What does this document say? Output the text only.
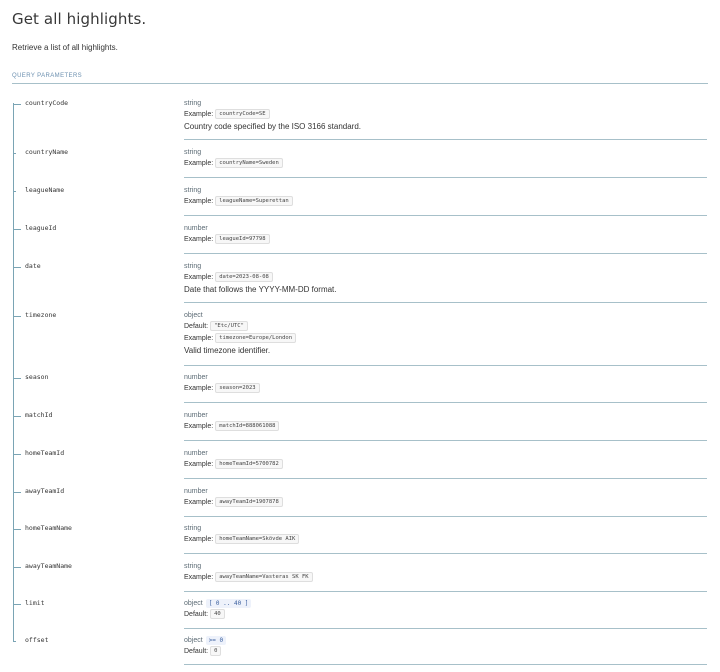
Get all highlights.
Retrieve a list of all highlights.
QUERY PARAMETERS
countryCode	string
Example: countryCode=SE
Country code specified by the ISO 3166 standard.
countryName	string
Example: countryName=Sweden
leagueName	string
Example: leagueName=Superettan
leagueId	number
Example: leagueId=97798
date	string
Example: date=2023-08-08
Date that follows the YYYY-MM-DD format.
timezone	object
Default: "Etc/UTC"
Example: timezone=Europe/London
Valid timezone identifier.
season	number
Example: season=2023
matchId	number
Example: matchId=888061088
homeTeamId	number
Example: homeTeamId=5700782
awayTeamId	number
Example: awayTeamId=1907878
homeTeamName	string
Example: homeTeamName=Skövde AIK
awayTeamName	string
Example: awayTeamName=Vasteras SK FK
limit	object [ 0 .. 40 ]
Default: 40
offset	object >= 0
Default: 0
